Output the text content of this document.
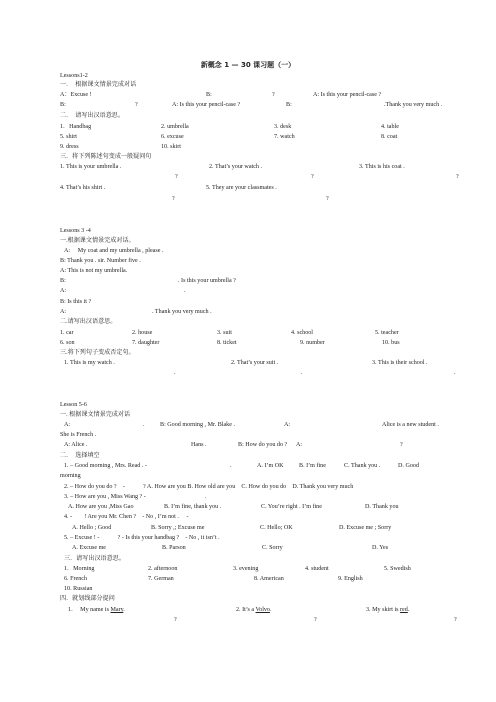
新概念 1 — 30 课习题（一）
Lessons1-2
一．　根据课文情景完成对话
A：Excuse !	B:	?	A: Is this your pencil-case ?
B:	?	A: Is this your pencil-case ?	B:	.Thank you very much .
二．　请写出汉语意思。
1．Handbag	2. umbrella	3. desk	4. table
5. shirt	6. excuse	7. watch	8. coat
9. dress	10. skirt
三．将下列陈述句变成一般疑问句
1. This is your umbrella .	2. That’s your watch .	3. This is his coat .
?	?	?
4. That’s his shirt .	5. They are your classmates .
?	?
Lessons 3 -4
一.根据课文情景完成对话。
A:　 My coat and my umbrella , please .
B: Thank you . sir. Number five .
A: This is not my umbrella.
B:	. Is this your umbrella ?
A:	.
B: Is this it ?
A:	. Thank you very much .
二.请写出汉语意思。
1. car	2. house	3. suit	4. school	5. teacher
6. son	7. daughter	8. ticket	9. number	10. bus
三.将下列句子变成否定句。
1. This is my watch .	2. That’s your suit .	3. This is their school .
.	.	.
Lesson 5-6
一. 根据课文情景完成对话
A:	.	B: Good morning , Mr. Blake .	A:	Alice is a new student .
She is French .
A: Alice .	Hans .	B: How do you do ? A:	?
二．　选择填空
1. – Good morning , Mrs. Read . -	.	A. I’m OK	B. I’m fine	C. Thank you .	D. Good
morning
2. – How do you do ?　-　　　? A. How are you B. How old are you　C. How do you do　D. Thank you very much
3. – How are you , Miss Wang ? -	.
A. How are you ,Miss Gao	B. I’m fine, thank you .	C. You’re right . I’m fine	D. Thank you
4. -　　! Are you Mr. Chen ?　- No , I’m not .　 -
A. Hello ; Good	B. Sorry ,; Excuse me	C. Hello; OK	D. Excuse me ; Sorry
5. – Excuse ! -　　　? - Is this your handbag ?　- No , it isn’t .
A. Excuse me	B. Parson	C. Sorry	D. Yes
三．请写出汉语意思。
1．Morning	2. afternoon	3. evening	4. student	5. Swedish
6. French	7. German	8. American	9. English
10. Russian
四．就划线部分提问
1．　My name is Mary.	2. It’s a Volvo.	3. My skirt is red.
?	?	?
